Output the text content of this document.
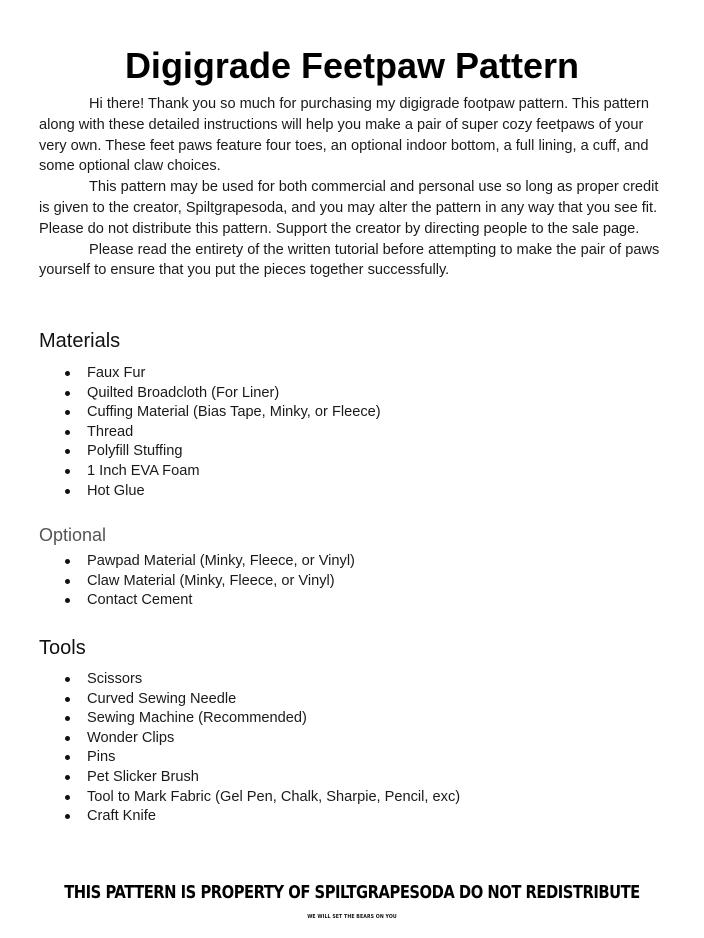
Digigrade Feetpaw Pattern

Hi there! Thank you so much for purchasing my digigrade footpaw pattern. This pattern along with these detailed instructions will help you make a pair of super cozy feetpaws of your very own. These feet paws feature four toes, an optional indoor bottom, a full lining, a cuff, and some optional claw choices.

This pattern may be used for both commercial and personal use so long as proper credit is given to the creator, Spiltgrapesoda, and you may alter the pattern in any way that you see fit. Please do not distribute this pattern. Support the creator by directing people to the sale page.

Please read the entirety of the written tutorial before attempting to make the pair of paws yourself to ensure that you put the pieces together successfully.

Materials
Faux Fur
Quilted Broadcloth (For Liner)
Cuffing Material (Bias Tape, Minky, or Fleece)
Thread
Polyfill Stuffing
1 Inch EVA Foam
Hot Glue
Optional
Pawpad Material (Minky, Fleece, or Vinyl)
Claw Material (Minky, Fleece, or Vinyl)
Contact Cement
Tools
Scissors
Curved Sewing Needle
Sewing Machine (Recommended)
Wonder Clips
Pins
Pet Slicker Brush
Tool to Mark Fabric (Gel Pen, Chalk, Sharpie, Pencil, exc)
Craft Knife
THIS PATTERN IS PROPERTY OF SPILTGRAPESODA DO NOT REDISTRIBUTE
WE WILL SET THE BEARS ON YOU
